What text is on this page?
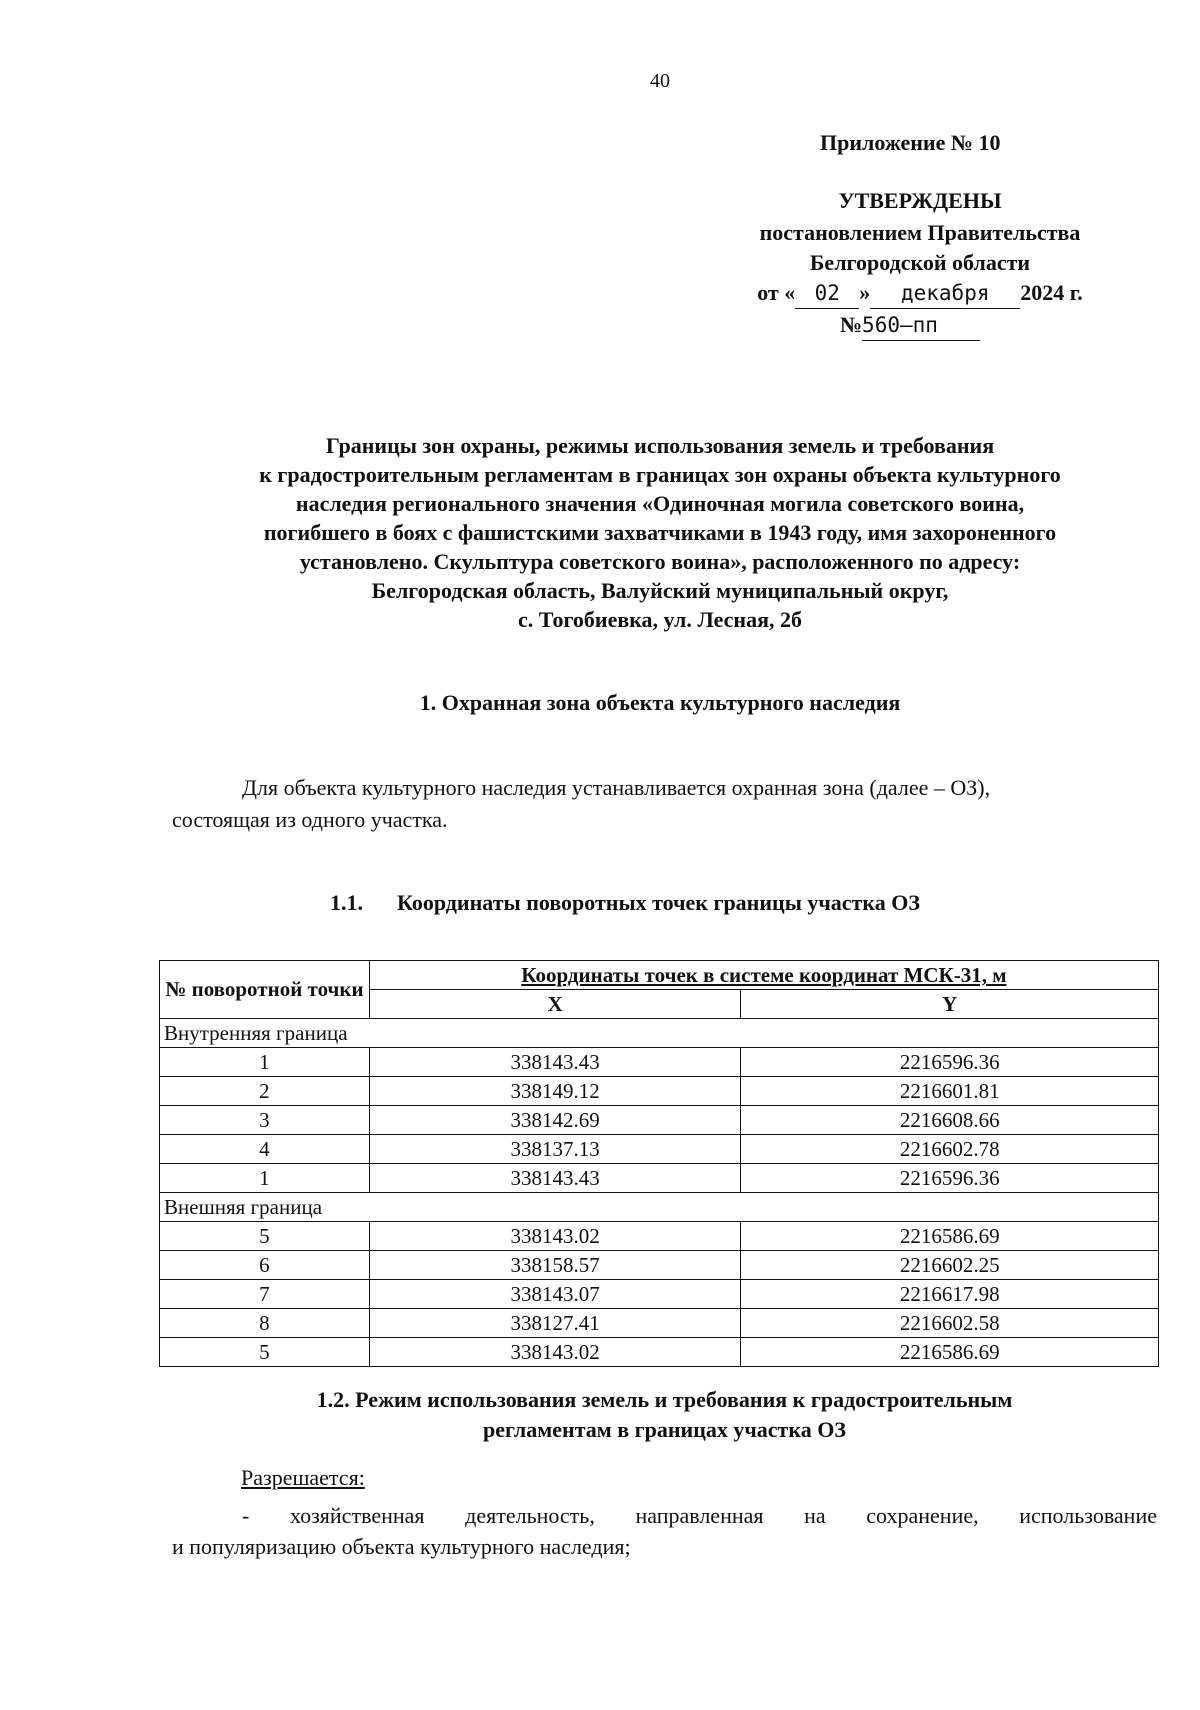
40
Приложение № 10
УТВЕРЖДЕНЫ
постановлением Правительства
Белгородской области
от « 02 » декабря 2024 г.
№560–пп
Границы зон охраны, режимы использования земель и требования
к градостроительным регламентам в границах зон охраны объекта культурного
наследия регионального значения «Одиночная могила советского воина,
погибшего в боях с фашистскими захватчиками в 1943 году, имя захороненного
установлено. Скульптура советского воина», расположенного по адресу:
Белгородская область, Валуйский муниципальный округ,
с. Тогобиевка, ул. Лесная, 2б
1. Охранная зона объекта культурного наследия
Для объекта культурного наследия устанавливается охранная зона (далее – ОЗ),
состоящая из одного участка.
1.1. Координаты поворотных точек границы участка ОЗ
№ поворотной точки	Координаты точек в системе координат МСК-31, м	
	X	Y
Внутренняя граница		
1	338143.43	2216596.36
2	338149.12	2216601.81
3	338142.69	2216608.66
4	338137.13	2216602.78
1	338143.43	2216596.36
Внешняя граница		
5	338143.02	2216586.69
6	338158.57	2216602.25
7	338143.07	2216617.98
8	338127.41	2216602.58
5	338143.02	2216586.69
1.2. Режим использования земель и требования к градостроительным
регламентам в границах участка ОЗ
Разрешается:
- хозяйственная деятельность, направленная на сохранение, использование
и популяризацию объекта культурного наследия;
